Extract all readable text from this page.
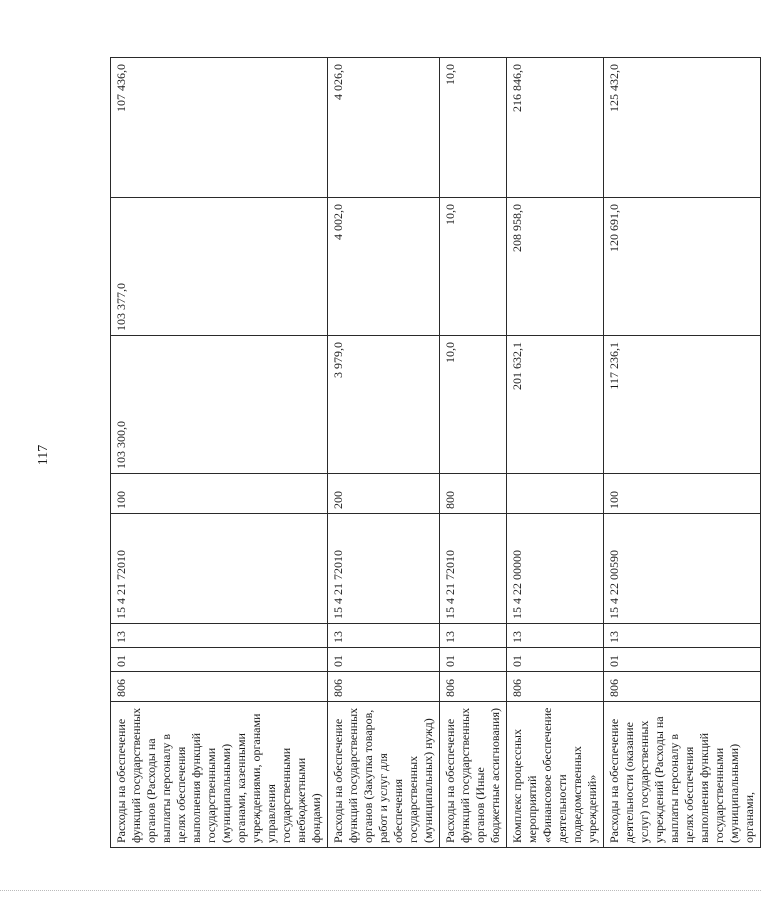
117
Расходы на обеспечение функций государственных органов (Расходы на выплаты персоналу в целях обеспечения выполнения функций государственными (муниципальными) органами, казенными учреждениями, органами управления государственными внебюджетными фондами)	806	01	13	15 4 21 72010	100	103 300,0	103 377,0	107 436,0
Расходы на обеспечение функций государственных органов (Закупка товаров, работ и услуг для обеспечения государственных (муниципальных) нужд)	806	01	13	15 4 21 72010	200	3 979,0	4 002,0	4 026,0
Расходы на обеспечение функций государственных органов (Иные бюджетные ассигнования)	806	01	13	15 4 21 72010	800	10,0	10,0	10,0
Комплекс процессных мероприятий «Финансовое обеспечение деятельности подведомственных учреждений»	806	01	13	15 4 22 00000		201 632,1	208 958,0	216 846,0
Расходы на обеспечение деятельности (оказание услуг) государственных учреждений (Расходы на выплаты персоналу в целях обеспечения выполнения функций государственными (муниципальными) органами,	806	01	13	15 4 22 00590	100	117 236,1	120 691,0	125 432,0
